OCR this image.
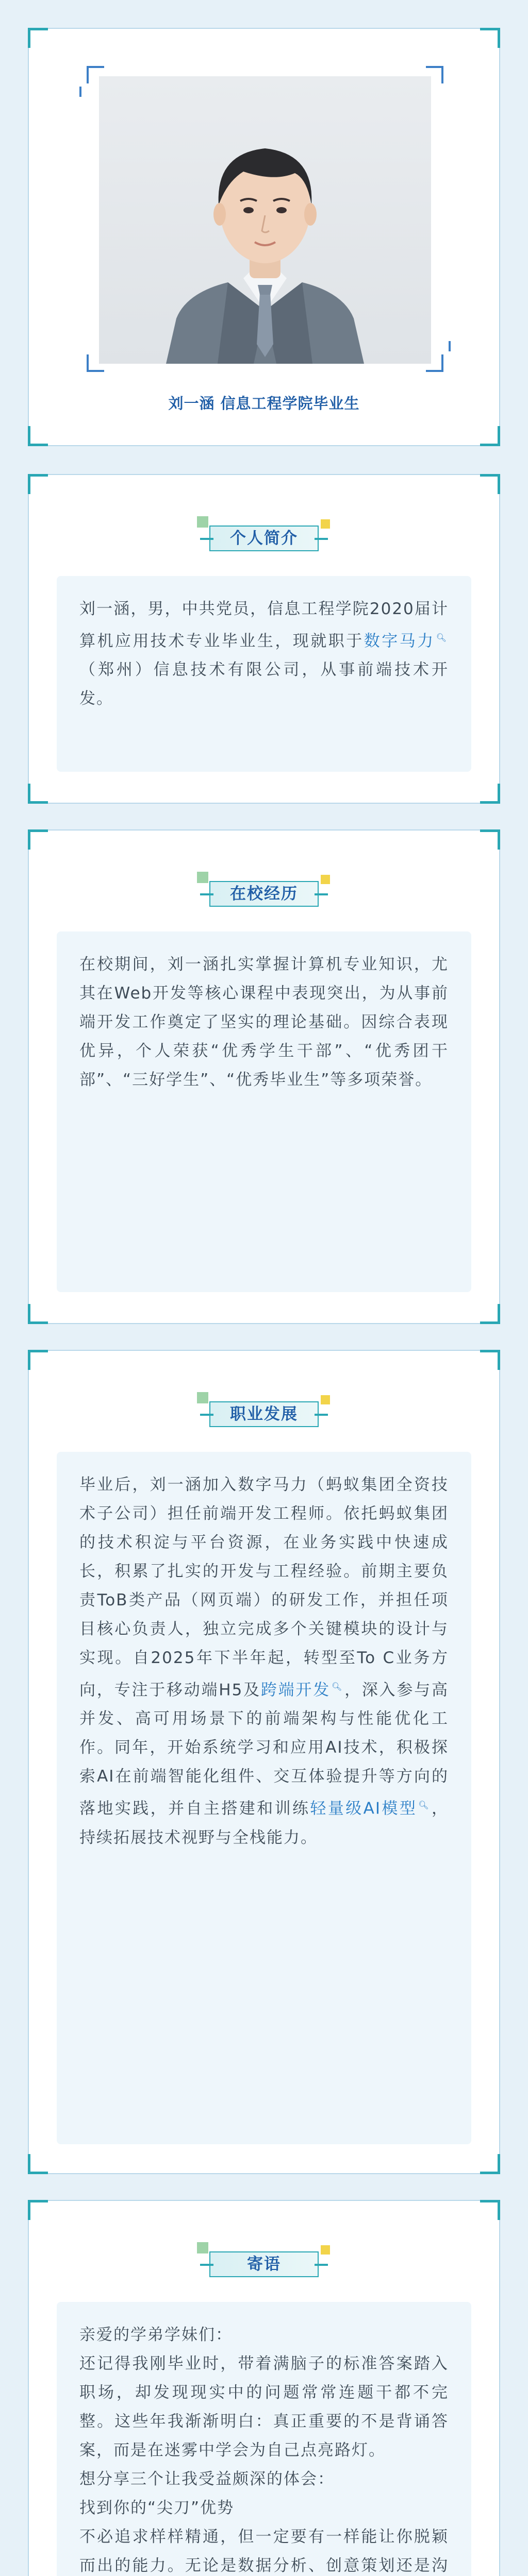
刘一涵 信息工程学院毕业生
个人简介

刘一涵，男，中共党员，信息工程学院2020届计算机应用技术专业毕业生，现就职于数字马力 🔍︎（郑州）信息技术有限公司，从事前端技术开发。

在校经历

在校期间，刘一涵扎实掌握计算机专业知识，尤其在Web开发等核心课程中表现突出，为从事前端开发工作奠定了坚实的理论基础。因综合表现优异，个人荣获“优秀学生干部”、“优秀团干部”、“三好学生”、“优秀毕业生”等多项荣誉。

职业发展

毕业后，刘一涵加入数字马力（蚂蚁集团全资技术子公司）担任前端开发工程师。依托蚂蚁集团的技术积淀与平台资源，在业务实践中快速成长，积累了扎实的开发与工程经验。前期主要负责ToB类产品（网页端）的研发工作，并担任项目核心负责人，独立完成多个关键模块的设计与实现。自2025年下半年起，转型至To C业务方向，专注于移动端H5及跨端开发 🔍︎，深入参与高并发、高可用场景下的前端架构与性能优化工作。同年，开始系统学习和应用AI技术，积极探索AI在前端智能化组件、交互体验提升等方向的落地实践，并自主搭建和训练轻量级AI模型 🔍︎，持续拓展技术视野与全栈能力。

寄语

亲爱的学弟学妹们：

还记得我刚毕业时，带着满脑子的标准答案踏入职场，却发现现实中的问题常常连题干都不完整。这些年我渐渐明白：真正重要的不是背诵答案，而是在迷雾中学会为自己点亮路灯。

想分享三个让我受益颇深的体会：

找到你的“尖刀”优势

不必追求样样精通，但一定要有一样能让你脱颖而出的能力。无论是数据分析、创意策划还是沟
